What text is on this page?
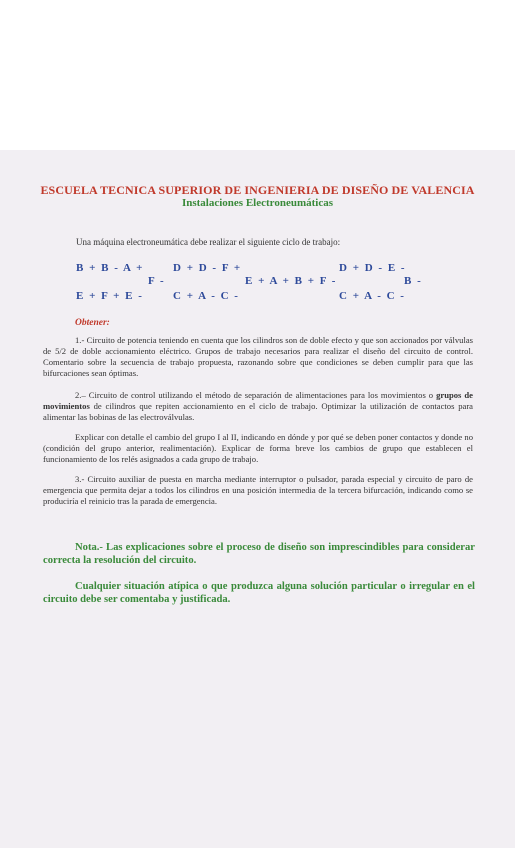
ESCUELA TECNICA SUPERIOR DE INGENIERIA DE DISEÑO DE VALENCIA
Instalaciones Electroneumáticas
Una máquina electroneumática debe realizar el siguiente ciclo de trabajo:
B + B - A +
E + F + E -
F -
D + D - F +
C + A - C -
E + A + B + F -
D + D - E -
C + A - C -
B -
Obtener:

1.- Circuito de potencia teniendo en cuenta que los cilindros son de doble efecto y que son accionados por válvulas de 5/2 de doble accionamiento eléctrico. Grupos de trabajo necesarios para realizar el diseño del circuito de control. Comentario sobre la secuencia de trabajo propuesta, razonando sobre que condiciones se deben cumplir para que las bifurcaciones sean óptimas.

2.– Circuito de control utilizando el método de separación de alimentaciones para los movimientos o grupos de movimientos de cilindros que repiten accionamiento en el ciclo de trabajo. Optimizar la utilización de contactos para alimentar las bobinas de las electroválvulas.

Explicar con detalle el cambio del grupo I al II, indicando en dónde y por qué se deben poner contactos y donde no (condición del grupo anterior, realimentación). Explicar de forma breve los cambios de grupo que establecen el funcionamiento de los relés asignados a cada grupo de trabajo.

3.- Circuito auxiliar de puesta en marcha mediante interruptor o pulsador, parada especial y circuito de paro de emergencia que permita dejar a todos los cilindros en una posición intermedia de la tercera bifurcación, indicando como se produciría el reinicio tras la parada de emergencia.

Nota.- Las explicaciones sobre el proceso de diseño son imprescindibles para considerar correcta la resolución del circuito.

Cualquier situación atípica o que produzca alguna solución particular o irregular en el circuito debe ser comentaba y justificada.
